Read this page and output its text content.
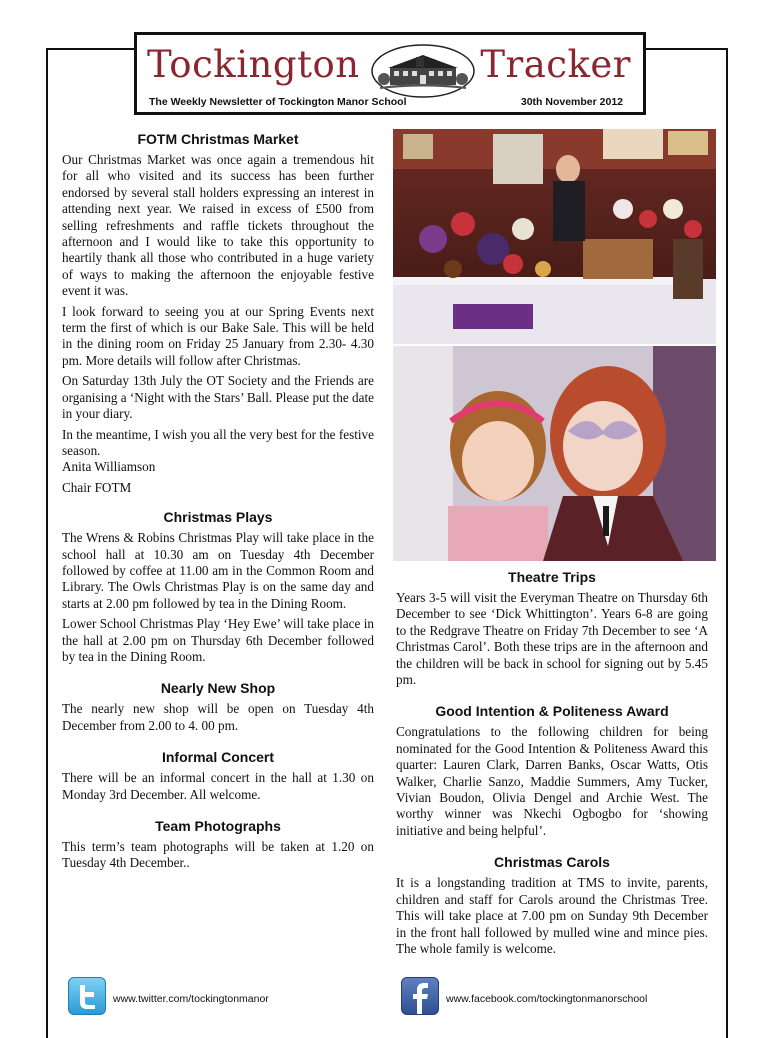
Tockington	Tracker
The Weekly Newsletter of Tockington Manor School	30th November 2012
FOTM Christmas Market

Our Christmas Market was once again a tremendous hit for all who visited and its success has been further endorsed by several stall holders expressing an interest in attending next year. We raised in excess of £500 from selling refreshments and raffle tickets throughout the afternoon and I would like to take this opportunity to heartily thank all those who contributed in a huge variety of ways to making the afternoon the enjoyable festive event it was.

I look forward to seeing you at our Spring Events next term the first of which is our Bake Sale. This will be held in the dining room on Friday 25 January from 2.30- 4.30 pm. More details will follow after Christmas.

On Saturday 13th July the OT Society and the Friends are organising a ‘Night with the Stars’ Ball. Please put the date in your diary.

In the meantime, I wish you all the very best for the festive season.

Anita Williamson

Chair FOTM

Christmas Plays

The Wrens & Robins Christmas Play will take place in the school hall at 10.30 am on Tuesday 4th December followed by coffee at 11.00 am in the Common Room and Library. The Owls Christmas Play is on the same day and starts at 2.00 pm followed by tea in the Dining Room.

Lower School Christmas Play ‘Hey Ewe’ will take place in the hall at 2.00 pm on Thursday 6th December followed by tea in the Dining Room.

Nearly New Shop

The nearly new shop will be open on Tuesday 4th December from 2.00 to 4. 00 pm.

Informal Concert

There will be an informal concert in the hall at 1.30 on Monday 3rd December. All welcome.

Team Photographs

This term’s team photographs will be taken at 1.20 on Tuesday 4th December..

Theatre Trips

Years 3-5 will visit the Everyman Theatre on Thursday 6th December to see ‘Dick Whittington’. Years 6-8 are going to the Redgrave Theatre on Friday 7th December to see ‘A Christmas Carol’. Both these trips are in the afternoon and the children will be back in school for signing out by 5.45 pm.

Good Intention & Politeness Award

Congratulations to the following children for being nominated for the Good Intention & Politeness Award this quarter: Lauren Clark, Darren Banks, Oscar Watts, Otis Walker, Charlie Sanzo, Maddie Summers, Amy Tucker, Vivian Boudon, Olivia Dengel and Archie West. The worthy winner was Nkechi Ogbogbo for ‘showing initiative and being helpful’.

Christmas Carols

It is a longstanding tradition at TMS to invite, parents, children and staff for Carols around the Christmas Tree. This will take place at 7.00 pm on Sunday 9th December in the front hall followed by mulled wine and mince pies. The whole family is welcome.

www.twitter.com/tockingtonmanor	www.facebook.com/tockingtonmanorschool
